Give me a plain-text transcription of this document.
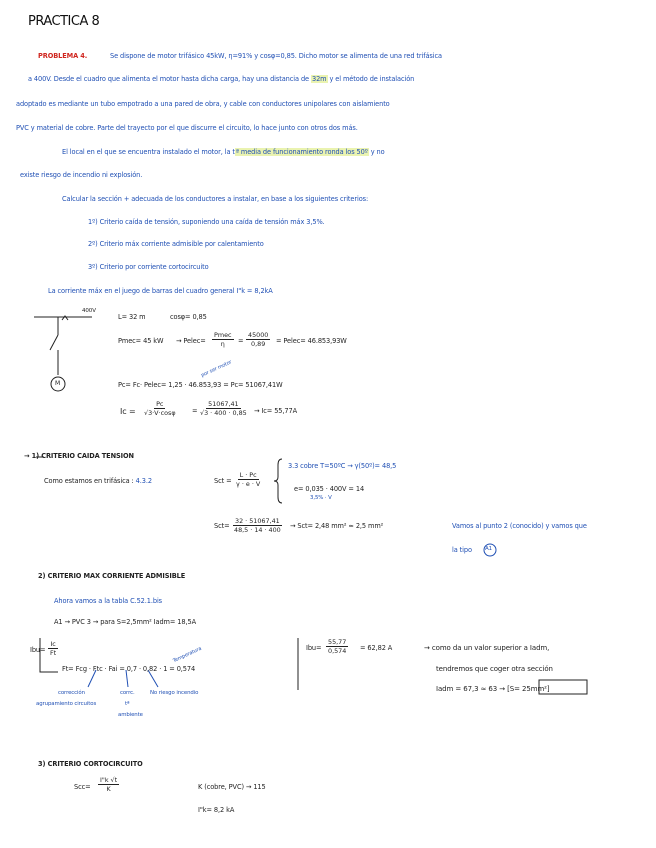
PRACTICA 8
PROBLEMA 4.	Se dispone de motor trifásico 45kW, η=91% y cosφ=0,85. Dicho motor se alimenta de una red trifásica
a 400V. Desde el cuadro que alimenta el motor hasta dicha carga, hay una distancia de 32m y el método de instalación
adoptado es mediante un tubo empotrado a una pared de obra, y cable con conductores unipolares con aislamiento
PVC y material de cobre. Parte del trayecto por el que discurre el circuito, lo hace junto con otros dos más.
El local en el que se encuentra instalado el motor, la tª media de funcionamiento ronda los 50º y no
existe riesgo de incendio ni explosión.
Calcular la sección + adecuada de los conductores a instalar, en base a los siguientes criterios:
1º) Criterio caída de tensión, suponiendo una caída de tensión máx 3,5%.
2º) Criterio máx corriente admisible por calentamiento
3º) Criterio por corriente cortocircuito
La corriente máx en el juego de barras del cuadro general I"k = 8,2kA
400V
M
L= 32 m	cosφ= 0,85
Pmec= 45 kW → Pelec=
Pmec
η	= $\frac{45000}{0,89}$ = Pelec= 46.853,93W
por ser motor
Pc= Fc· Pelec= 1,25 · 46.853,93 = Pc= 51067,41W
$Ic = \frac{Pc}{√3\cdot V\cdot\cos\varphi} = \frac{51067,41}{√3 \cdot 400 \cdot 0,85} \to Ic= 55,77A$
→ 1) CRITERIO CAIDA TENSION
Como estamos en trifásica : 4.3.2	Sct = $\frac{L \cdot Pc}{\gamma \cdot e \cdot V}$
3.3 cobre T=50ºC → γ(50º)= 48,5
e= 0,035 · 400V = 14
3,5% · V
$Sct= \frac{32 \cdot 51067,41}{48,5 \cdot 14 \cdot 400} \to Sct= 2,48$ mm² ≈ 2,5 mm²	Vamos al punto 2 (conocido) y vamos que
la tipo A1
2) CRITERIO MAX CORRIENTE ADMISIBLE
Ahora vamos a la tabla C.52.1.bis
A1 → PVC 3 → para S=2,5mm² Iadm= 18,5A
$Ibu= \frac{Ic}{Ft}$
Ft= Fcg · Ftc · Fai = 0,7 · 0,82 · 1 = 0,574
Temperatura
corrección
agrupamiento circuitos
corrc.
tª
ambiente
No riesgo incendio
$Ibu= \frac{55,77}{0,574} = 62,82$ A	→ como da un valor superior a Iadm,
tendremos que coger otra sección
Iadm = 67,3 ≈ 63 → [S= 25mm²]
3) CRITERIO CORTOCIRCUITO
$Scc= \frac{I"k √t}{K}$	K (cobre, PVC) → 115
I"k= 8,2 kA
